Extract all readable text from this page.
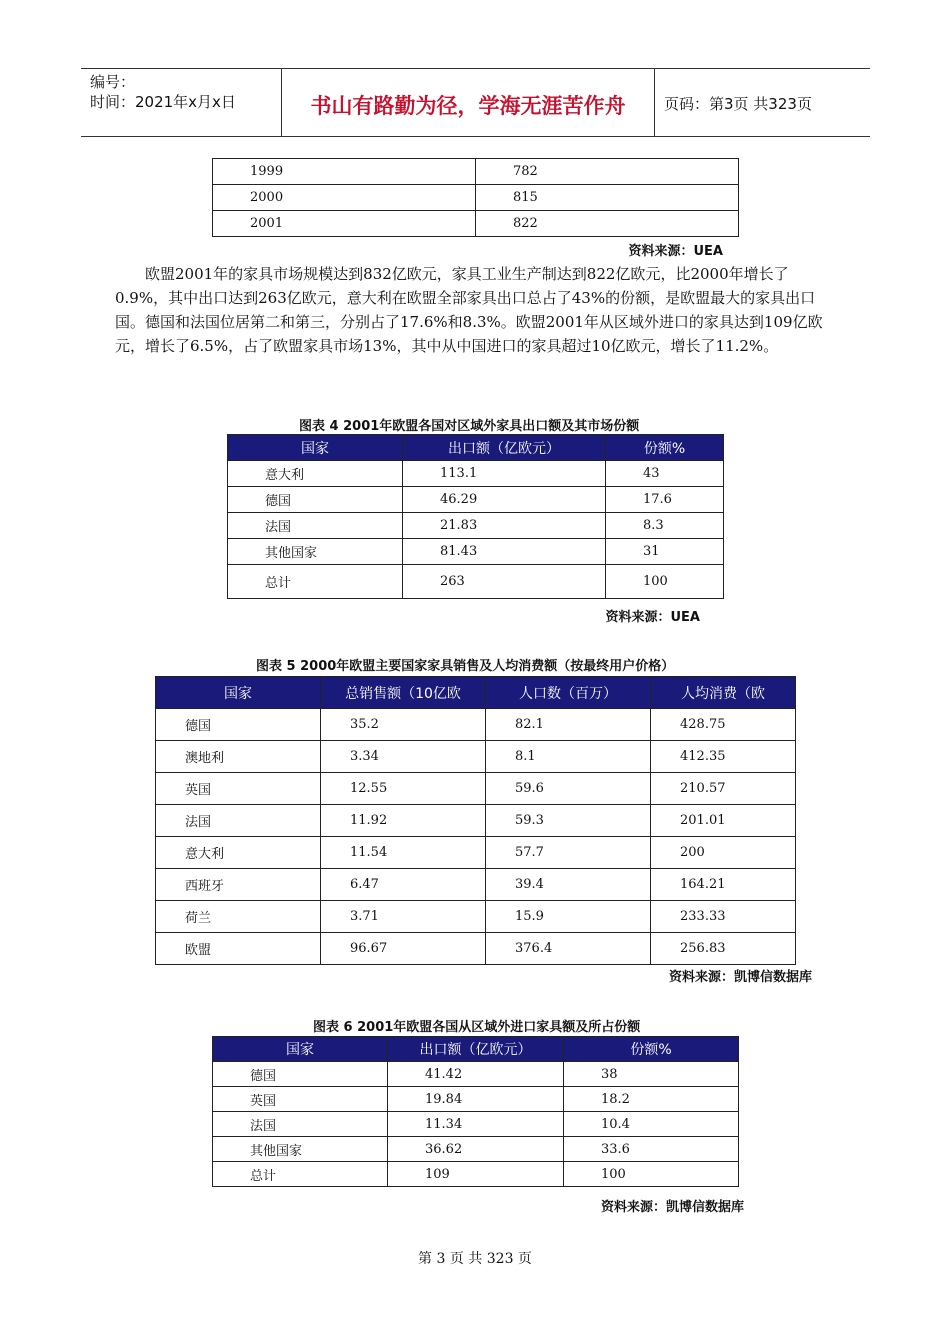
编号：
时间：2021年x月x日	书山有路勤为径，学海无涯苦作舟	页码：第3页 共323页
1999	782
2000	815
2001	822
资料来源：UEA
欧盟2001年的家具市场规模达到832亿欧元，家具工业生产制达到822亿欧元，比2000年增长了0.9%，其中出口达到263亿欧元，意大利在欧盟全部家具出口总占了43%的份额，是欧盟最大的家具出口国。德国和法国位居第二和第三，分别占了17.6%和8.3%。欧盟2001年从区域外进口的家具达到109亿欧元，增长了6.5%，占了欧盟家具市场13%，其中从中国进口的家具超过10亿欧元，增长了11.2%。
图表 4 2001年欧盟各国对区域外家具出口额及其市场份额
国家	出口额（亿欧元）	份额%
意大利	113.1	43
德国	46.29	17.6
法国	21.83	8.3
其他国家	81.43	31
总计	263	100
资料来源：UEA
图表 5 2000年欧盟主要国家家具销售及人均消费额（按最终用户价格）
国家	总销售额（10亿欧	人口数（百万）	人均消费（欧
德国	35.2	82.1	428.75
澳地利	3.34	8.1	412.35
英国	12.55	59.6	210.57
法国	11.92	59.3	201.01
意大利	11.54	57.7	200
西班牙	6.47	39.4	164.21
荷兰	3.71	15.9	233.33
欧盟	96.67	376.4	256.83
资料来源：凯博信数据库
图表 6 2001年欧盟各国从区域外进口家具额及所占份额
国家	出口额（亿欧元）	份额%
德国	41.42	38
英国	19.84	18.2
法国	11.34	10.4
其他国家	36.62	33.6
总计	109	100
资料来源：凯博信数据库
第 3 页 共 323 页
